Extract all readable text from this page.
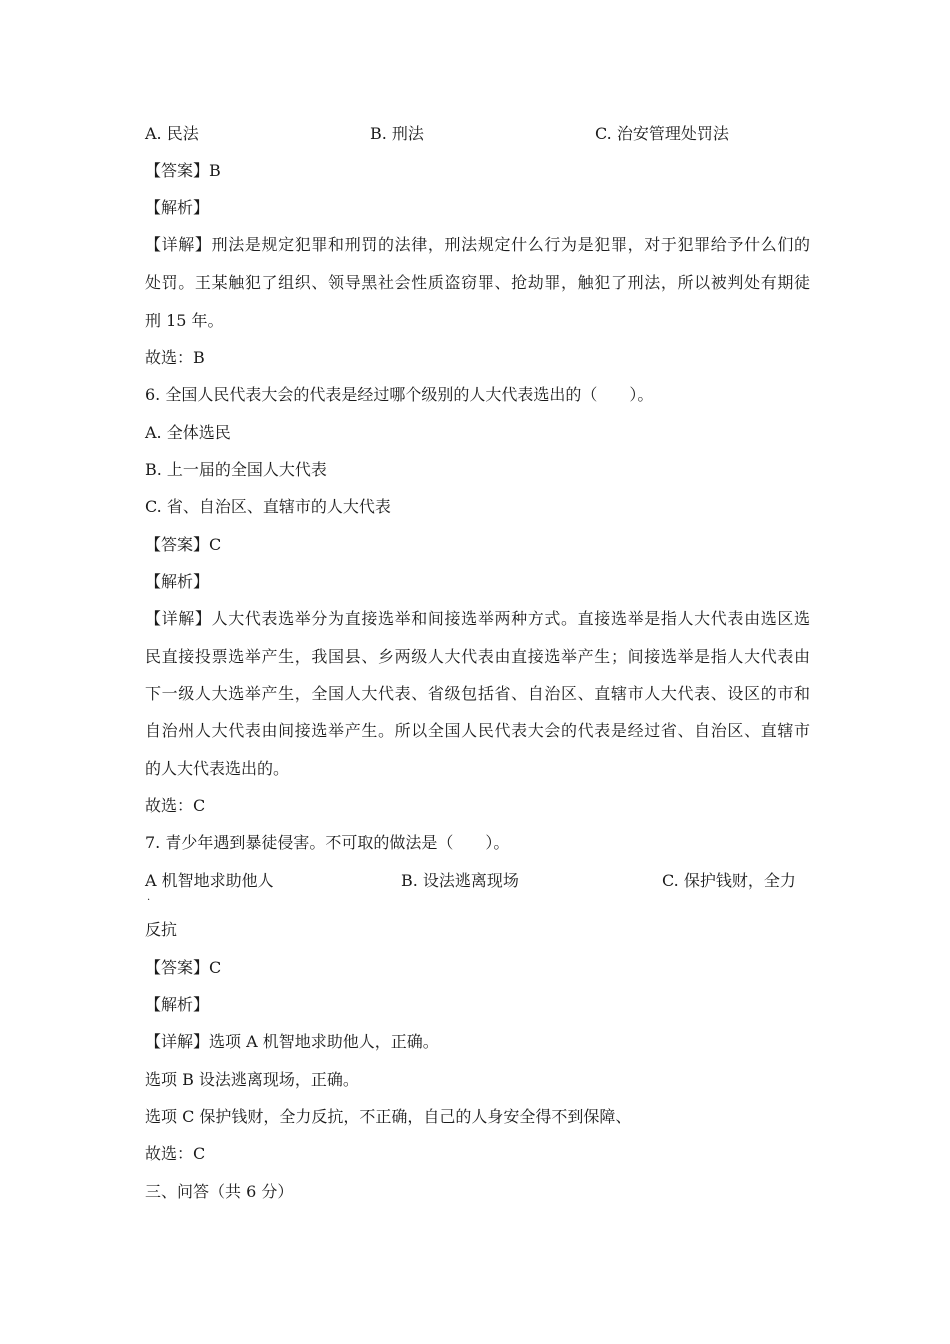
A. 民法	B. 刑法	C. 治安管理处罚法
【答案】B
【解析】
【详解】刑法是规定犯罪和刑罚的法律，刑法规定什么行为是犯罪，对于犯罪给予什么们的
处罚。王某触犯了组织、领导黑社会性质盗窃罪、抢劫罪，触犯了刑法，所以被判处有期徒
刑 15 年。
故选：B
6. 全国人民代表大会的代表是经过哪个级别的人大代表选出的（　　）。
A. 全体选民
B. 上一届的全国人大代表
C. 省、自治区、直辖市的人大代表
【答案】C
【解析】
【详解】人大代表选举分为直接选举和间接选举两种方式。直接选举是指人大代表由选区选
民直接投票选举产生，我国县、乡两级人大代表由直接选举产生；间接选举是指人大代表由
下一级人大选举产生，全国人大代表、省级包括省、自治区、直辖市人大代表、设区的市和
自治州人大代表由间接选举产生。所以全国人民代表大会的代表是经过省、自治区、直辖市
的人大代表选出的。
故选：C
7. 青少年遇到暴徒侵害。不可取的做法是（　　）。
A 机智地求助他人
.
B. 设法逃离现场	C. 保护钱财，全力
反抗
【答案】C
【解析】
【详解】选项 A 机智地求助他人，正确。
选项 B 设法逃离现场，正确。
选项 C 保护钱财，全力反抗，不正确，自己的人身安全得不到保障、
故选：C
三、问答（共 6 分）
